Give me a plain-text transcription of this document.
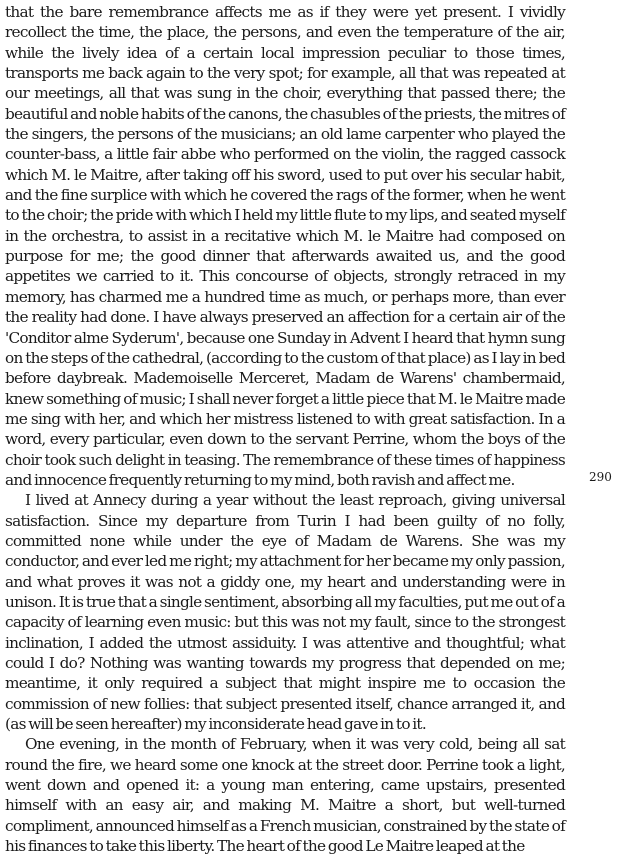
that the bare remembrance affects me as if they were yet present. I vividly recollect the time, the place, the persons, and even the temperature of the air, while the lively idea of a certain local impression peculiar to those times, transports me back again to the very spot; for example, all that was repeated at our meetings, all that was sung in the choir, everything that passed there; the beautiful and noble habits of the canons, the chasubles of the priests, the mitres of the singers, the persons of the musicians; an old lame carpenter who played the counter-bass, a little fair abbe who performed on the violin, the ragged cassock which M. le Maitre, after taking off his sword, used to put over his secular habit, and the fine surplice with which he covered the rags of the former, when he went to the choir; the pride with which I held my little flute to my lips, and seated myself in the orchestra, to assist in a recitative which M. le Maitre had composed on purpose for me; the good dinner that afterwards awaited us, and the good appetites we carried to it. This concourse of objects, strongly retraced in my memory, has charmed me a hundred time as much, or perhaps more, than ever the reality had done. I have always preserved an affection for a certain air of the 'Conditor alme Syderum', because one Sunday in Advent I heard that hymn sung on the steps of the cathedral, (according to the custom of that place) as I lay in bed before daybreak. Mademoiselle Merceret, Madam de Warens' chambermaid, knew something of music; I shall never forget a little piece that M. le Maitre made me sing with her, and which her mistress listened to with great satisfaction. In a word, every particular, even down to the servant Perrine, whom the boys of the choir took such delight in teasing. The remembrance of these times of happiness and innocence frequently returning to my mind, both ravish and affect me.

I lived at Annecy during a year without the least reproach, giving universal satisfaction. Since my departure from Turin I had been guilty of no folly, committed none while under the eye of Madam de Warens. She was my conductor, and ever led me right; my attachment for her became my only passion, and what proves it was not a giddy one, my heart and understanding were in unison. It is true that a single sentiment, absorbing all my faculties, put me out of a capacity of learning even music: but this was not my fault, since to the strongest inclination, I added the utmost assiduity. I was attentive and thoughtful; what could I do? Nothing was wanting towards my progress that depended on me; meantime, it only required a subject that might inspire me to occasion the commission of new follies: that subject presented itself, chance arranged it, and (as will be seen hereafter) my inconsiderate head gave in to it.

One evening, in the month of February, when it was very cold, being all sat round the fire, we heard some one knock at the street door. Perrine took a light, went down and opened it: a young man entering, came upstairs, presented himself with an easy air, and making M. Maitre a short, but well-turned compliment, announced himself as a French musician, constrained by the state of his finances to take this liberty. The heart of the good Le Maitre leaped at the

290
